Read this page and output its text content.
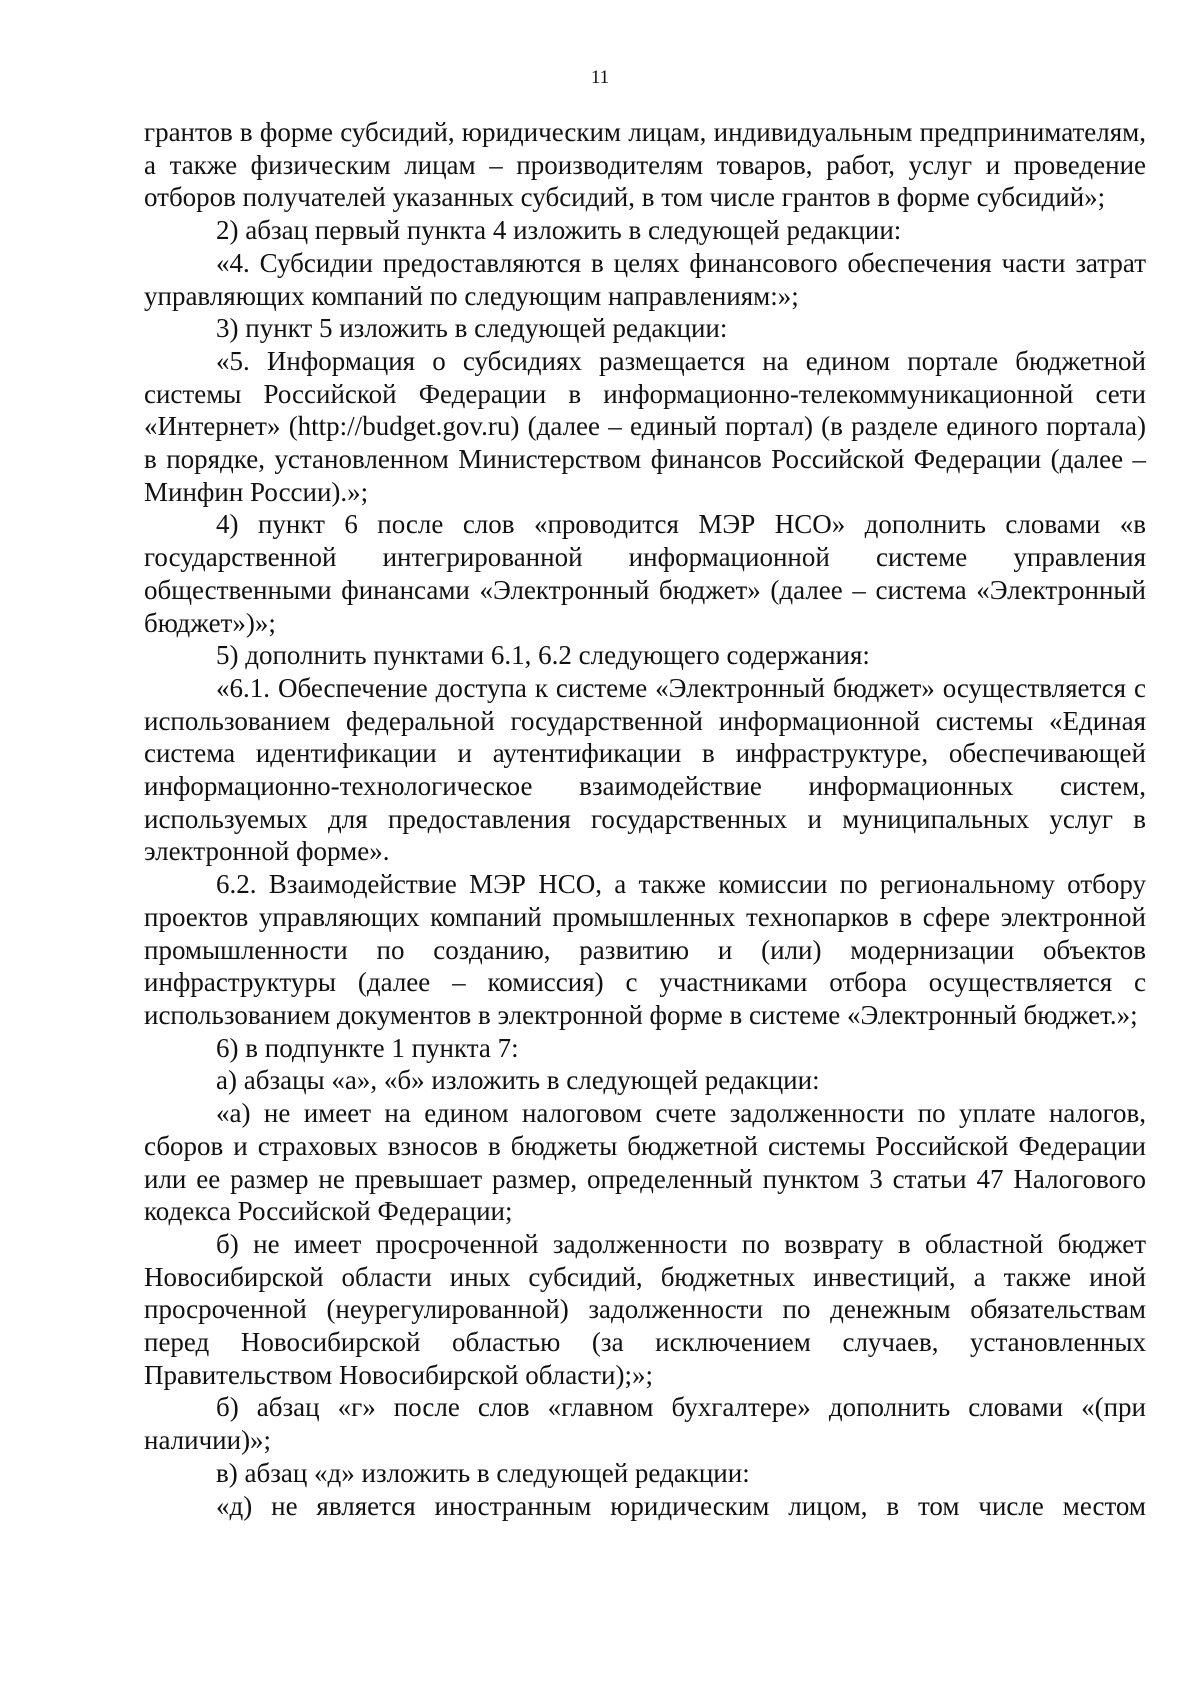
11

грантов в форме субсидий, юридическим лицам, индивидуальным предпринимателям, а также физическим лицам – производителям товаров, работ, услуг и проведение отборов получателей указанных субсидий, в том числе грантов в форме субсидий»;

2) абзац первый пункта 4 изложить в следующей редакции:

«4. Субсидии предоставляются в целях финансового обеспечения части затрат управляющих компаний по следующим направлениям:»;

3) пункт 5 изложить в следующей редакции:

«5. Информация о субсидиях размещается на едином портале бюджетной системы Российской Федерации в информационно-телекоммуникационной сети «Интернет» (http://budget.gov.ru) (далее – единый портал) (в разделе единого портала) в порядке, установленном Министерством финансов Российской Федерации (далее – Минфин России).»;

4) пункт 6 после слов «проводится МЭР НСО» дополнить словами «в государственной интегрированной информационной системе управления общественными финансами «Электронный бюджет» (далее – система «Электронный бюджет»)»;

5) дополнить пунктами 6.1, 6.2 следующего содержания:

«6.1. Обеспечение доступа к системе «Электронный бюджет» осуществляется с использованием федеральной государственной информационной системы «Единая система идентификации и аутентификации в инфраструктуре, обеспечивающей информационно-технологическое взаимодействие информационных систем, используемых для предоставления государственных и муниципальных услуг в электронной форме».

6.2. Взаимодействие МЭР НСО, а также комиссии по региональному отбору проектов управляющих компаний промышленных технопарков в сфере электронной промышленности по созданию, развитию и (или) модернизации объектов инфраструктуры (далее – комиссия) с участниками отбора осуществляется с использованием документов в электронной форме в системе «Электронный бюджет.»;

6) в подпункте 1 пункта 7:

а) абзацы «а», «б» изложить в следующей редакции:

«а) не имеет на едином налоговом счете задолженности по уплате налогов, сборов и страховых взносов в бюджеты бюджетной системы Российской Федерации или ее размер не превышает размер, определенный пунктом 3 статьи 47 Налогового кодекса Российской Федерации;

б) не имеет просроченной задолженности по возврату в областной бюджет Новосибирской области иных субсидий, бюджетных инвестиций, а также иной просроченной (неурегулированной) задолженности по денежным обязательствам перед Новосибирской областью (за исключением случаев, установленных Правительством Новосибирской области);»;

б) абзац «г» после слов «главном бухгалтере» дополнить словами «(при наличии)»;

в) абзац «д» изложить в следующей редакции:

«д) не является иностранным юридическим лицом, в том числе местом
